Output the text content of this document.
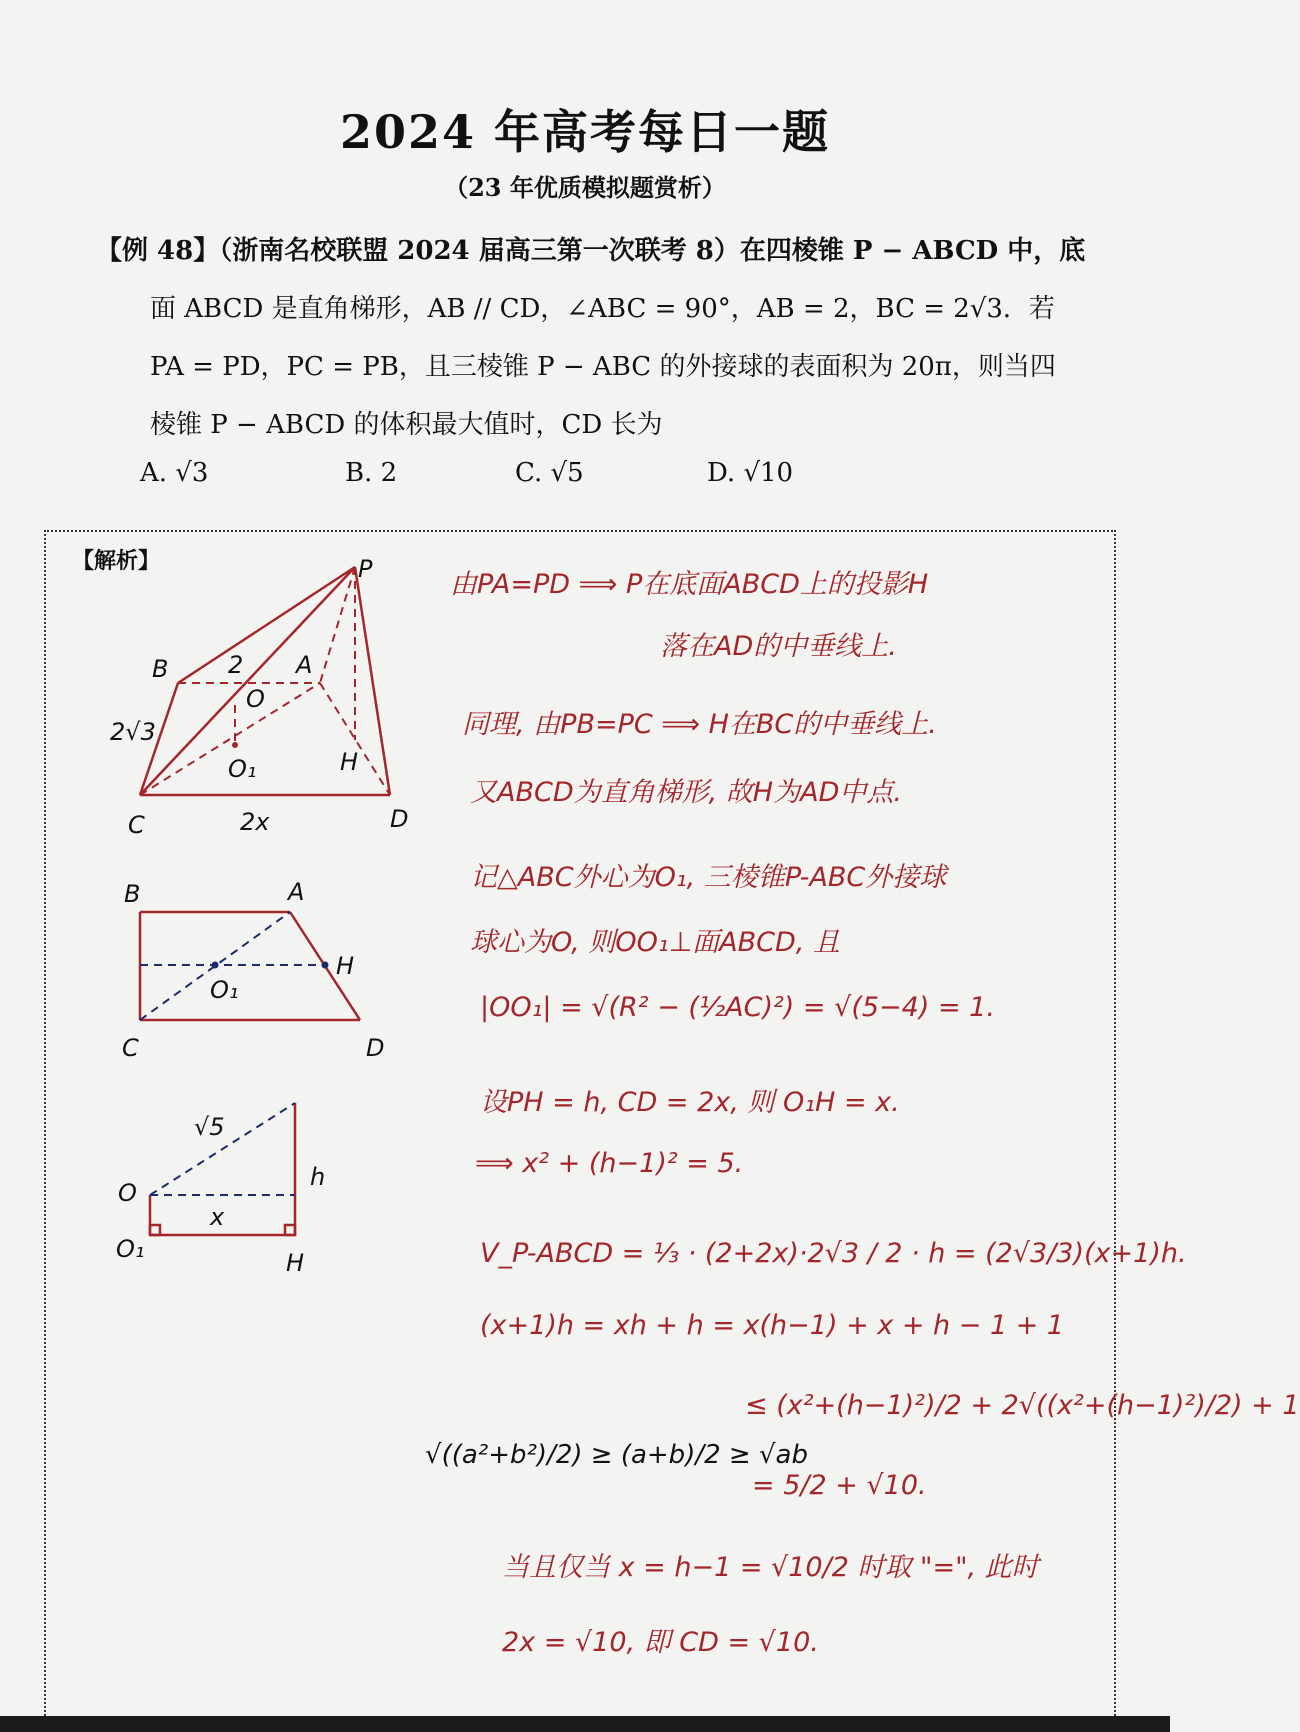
2024 年高考每日一题
（23 年优质模拟题赏析）
【例 48】（浙南名校联盟 2024 届高三第一次联考 8）在四棱锥 P − ABCD 中，底
面 ABCD 是直角梯形，AB // CD，∠ABC = 90°，AB = 2，BC = 2√3．若
PA = PD，PC = PB，且三棱锥 P − ABC 的外接球的表面积为 20π，则当四
棱锥 P − ABCD 的体积最大值时，CD 长为
A. √3	B. 2	C. √5	D. √10
【解析】	P
B	A
C	D
H
O
O₁
2
2√3
2x
B	A
C	D
H
O₁
√5
h
x
O
O₁	H
由PA=PD ⟹ P在底面ABCD上的投影H
落在AD的中垂线上.
同理, 由PB=PC ⟹ H在BC的中垂线上.
又ABCD为直角梯形, 故H为AD中点.
记△ABC外心为O₁, 三棱锥P-ABC外接球
球心为O, 则OO₁⊥面ABCD, 且
|OO₁| = √(R² − (½AC)²) = √(5−4) = 1.
设PH = h, CD = 2x, 则 O₁H = x.
⟹ x² + (h−1)² = 5.
V_P-ABCD = ⅓ · (2+2x)·2√3 / 2 · h = (2√3/3)(x+1)h.
(x+1)h = xh + h = x(h−1) + x + h − 1 + 1
≤ (x²+(h−1)²)/2 + 2√((x²+(h−1)²)/2) + 1
= 5/2 + √10.
当且仅当 x = h−1 = √10/2 时取 "=", 此时
2x = √10, 即 CD = √10.
√((a²+b²)/2) ≥ (a+b)/2 ≥ √ab
